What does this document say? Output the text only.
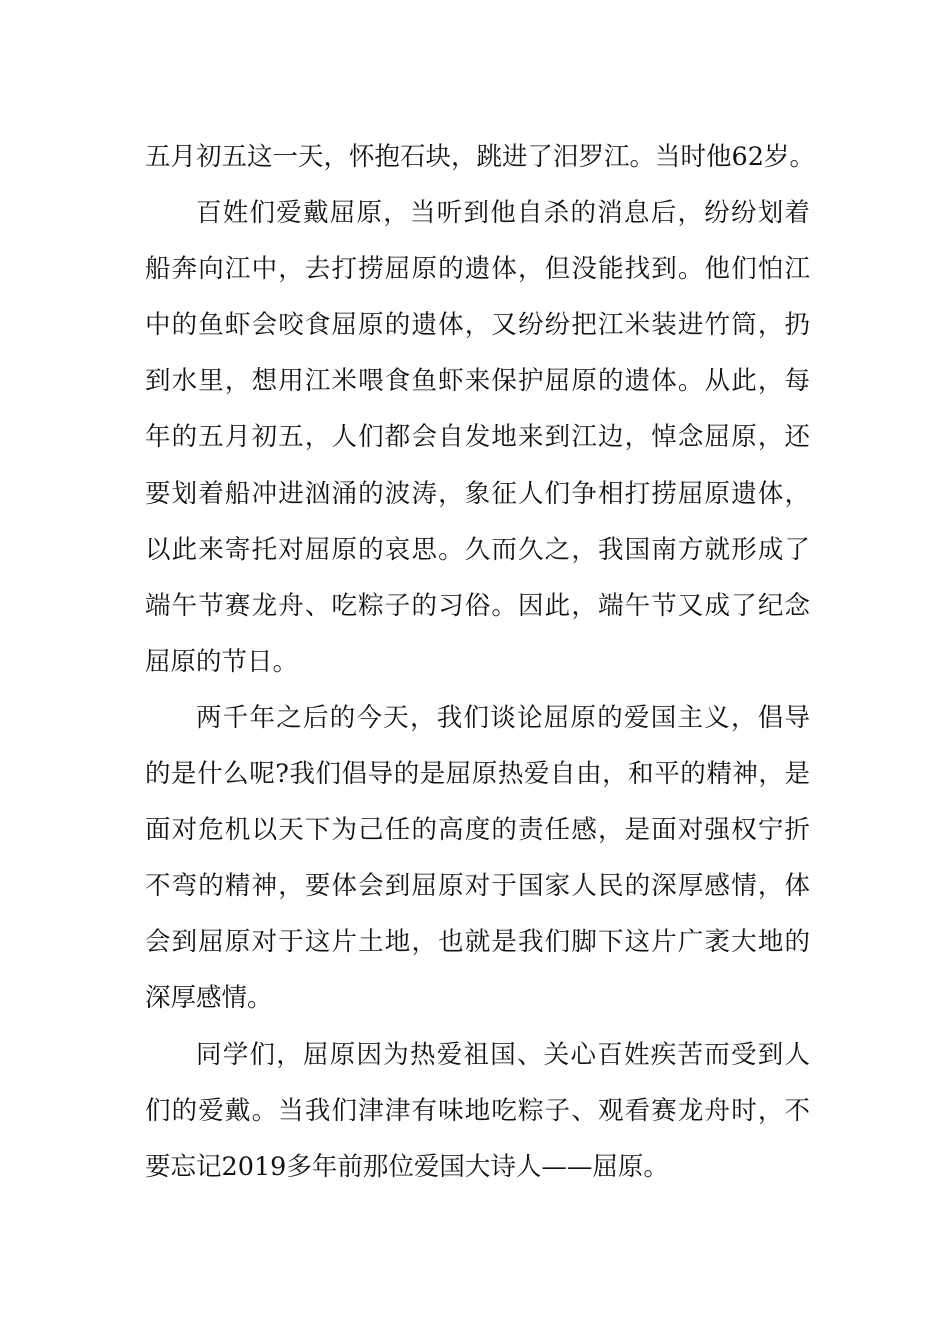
五月初五这一天，怀抱石块，跳进了汨罗江。当时他62岁。

百姓们爱戴屈原，当听到他自杀的消息后，纷纷划着
船奔向江中，去打捞屈原的遗体，但没能找到。他们怕江
中的鱼虾会咬食屈原的遗体，又纷纷把江米装进竹筒，扔
到水里，想用江米喂食鱼虾来保护屈原的遗体。从此，每
年的五月初五，人们都会自发地来到江边，悼念屈原，还
要划着船冲进汹涌的波涛，象征人们争相打捞屈原遗体，
以此来寄托对屈原的哀思。久而久之，我国南方就形成了
端午节赛龙舟、吃粽子的习俗。因此，端午节又成了纪念
屈原的节日。

两千年之后的今天，我们谈论屈原的爱国主义，倡导
的是什么呢?我们倡导的是屈原热爱自由，和平的精神，是
面对危机以天下为己任的高度的责任感，是面对强权宁折
不弯的精神，要体会到屈原对于国家人民的深厚感情，体
会到屈原对于这片土地，也就是我们脚下这片广袤大地的
深厚感情。

同学们，屈原因为热爱祖国、关心百姓疾苦而受到人
们的爱戴。当我们津津有味地吃粽子、观看赛龙舟时，不
要忘记2019多年前那位爱国大诗人——屈原。
